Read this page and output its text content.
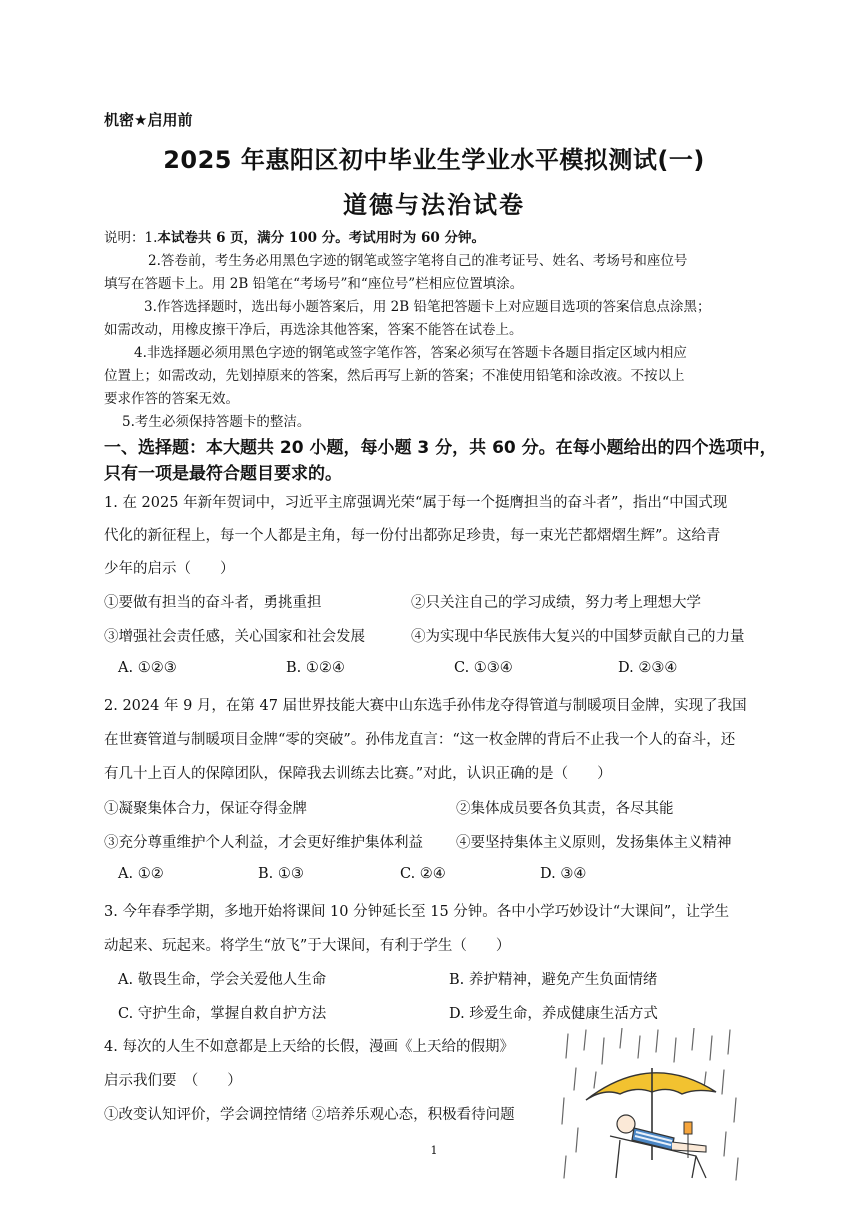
机密★启用前
2025 年惠阳区初中毕业生学业水平模拟测试(一)
道德与法治试卷
说明：1.本试卷共 6 页，满分 100 分。考试用时为 60 分钟。
2.答卷前，考生务必用黑色字迹的钢笔或签字笔将自己的准考证号、姓名、考场号和座位号
填写在答题卡上。用 2B 铅笔在“考场号”和“座位号”栏相应位置填涂。
3.作答选择题时，选出每小题答案后，用 2B 铅笔把答题卡上对应题目选项的答案信息点涂黑；
如需改动，用橡皮擦干净后，再选涂其他答案，答案不能答在试卷上。
4.非选择题必须用黑色字迹的钢笔或签字笔作答，答案必须写在答题卡各题目指定区域内相应
位置上；如需改动，先划掉原来的答案，然后再写上新的答案；不准使用铅笔和涂改液。不按以上
要求作答的答案无效。
5.考生必须保持答题卡的整洁。
一、选择题：本大题共 20 小题，每小题 3 分，共 60 分。在每小题给出的四个选项中，
只有一项是最符合题目要求的。
1. 在 2025 年新年贺词中，习近平主席强调光荣“属于每一个挺膺担当的奋斗者”，指出“中国式现
代化的新征程上，每一个人都是主角，每一份付出都弥足珍贵，每一束光芒都熠熠生辉”。这给青
少年的启示（　　）
①要做有担当的奋斗者，勇挑重担	②只关注自己的学习成绩，努力考上理想大学
③增强社会责任感，关心国家和社会发展	④为实现中华民族伟大复兴的中国梦贡献自己的力量
A. ①②③	B. ①②④	C. ①③④	D. ②③④
2. 2024 年 9 月，在第 47 届世界技能大赛中山东选手孙伟龙夺得管道与制暖项目金牌，实现了我国
在世赛管道与制暖项目金牌“零的突破”。孙伟龙直言：“这一枚金牌的背后不止我一个人的奋斗，还
有几十上百人的保障团队，保障我去训练去比赛。”对此，认识正确的是（　　）
①凝聚集体合力，保证夺得金牌	②集体成员要各负其责，各尽其能
③充分尊重维护个人利益，才会更好维护集体利益 ④要坚持集体主义原则，发扬集体主义精神
A. ①②	B. ①③	C. ②④	D. ③④
3. 今年春季学期，多地开始将课间 10 分钟延长至 15 分钟。各中小学巧妙设计“大课间”，让学生
动起来、玩起来。将学生“放飞”于大课间，有利于学生（　　）
A. 敬畏生命，学会关爱他人生命	B. 养护精神，避免产生负面情绪
C. 守护生命，掌握自救自护方法	D. 珍爱生命，养成健康生活方式
4. 每次的人生不如意都是上天给的长假，漫画《上天给的假期》
启示我们要　（　　）
①改变认知评价，学会调控情绪 ②培养乐观心态，积极看待问题
1
